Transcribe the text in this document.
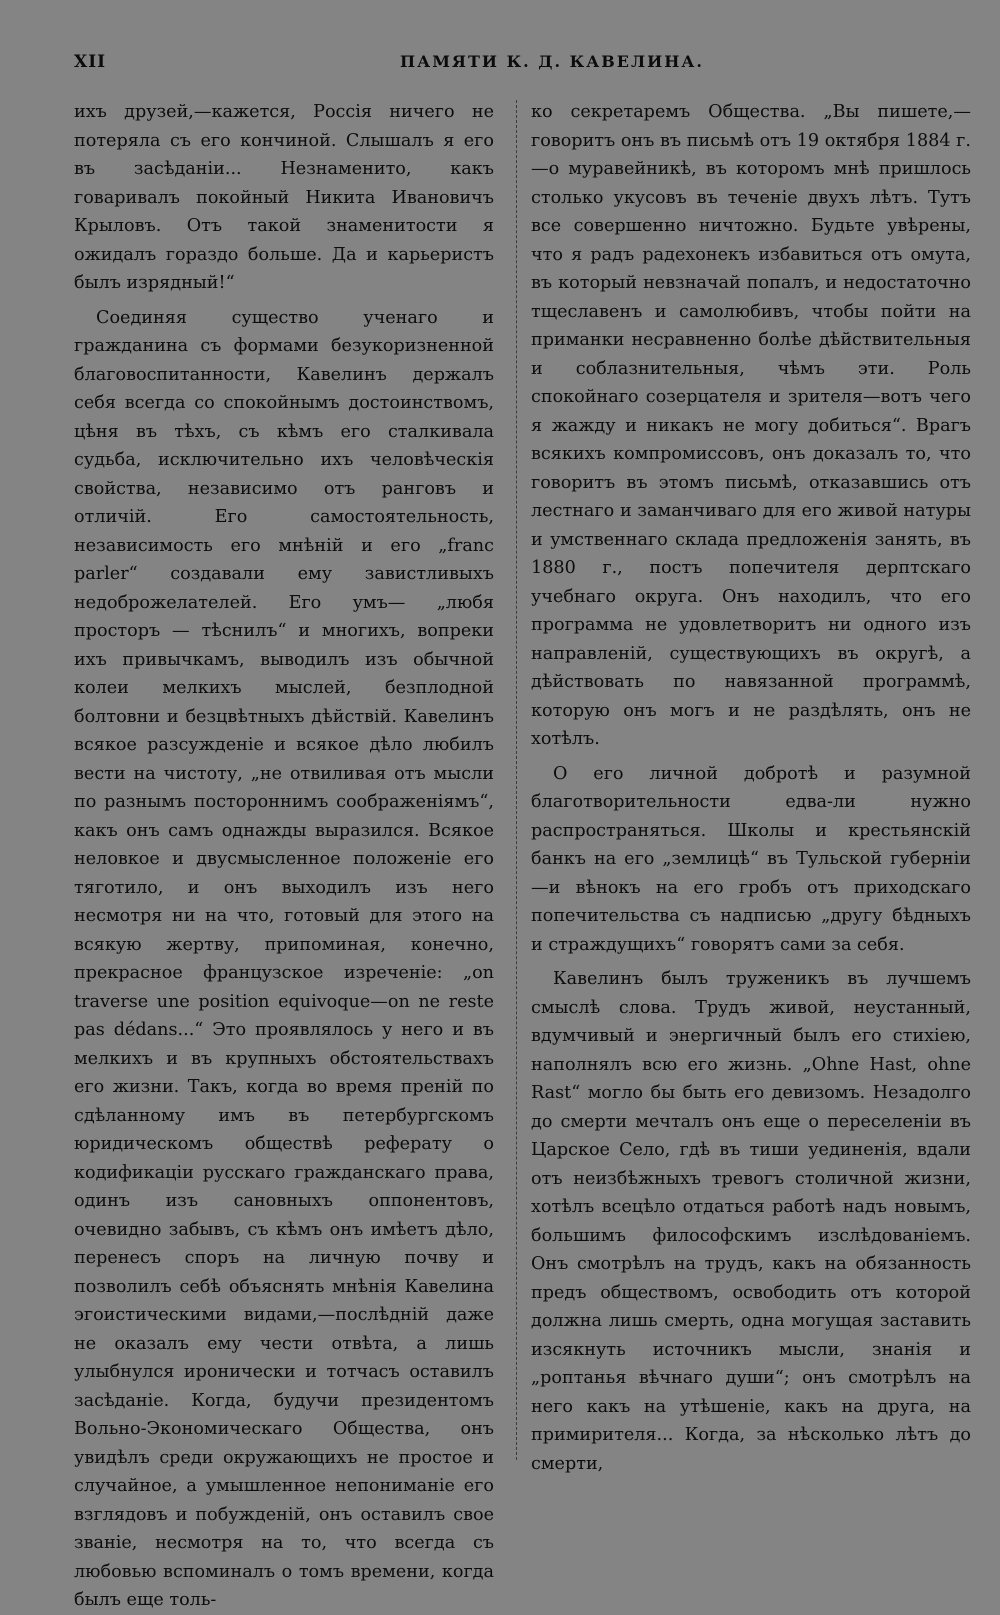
XII	ПАМЯТИ К. Д. КАВЕЛИНА.

ихъ друзей,—кажется, Россія ничего не потеряла съ его кончиной. Слышалъ я его въ засѣданіи... Незнаменито, какъ говаривалъ покойный Никита Ивановичъ Крыловъ. Отъ такой знаменитости я ожидалъ гораздо больше. Да и карьеристъ былъ изрядный!“

Соединяя существо ученаго и гражданина съ формами безукоризненной благовоспитанности, Кавелинъ держалъ себя всегда со спокойнымъ достоинствомъ, цѣня въ тѣхъ, съ кѣмъ его сталкивала судьба, исключительно ихъ человѣческія свойства, независимо отъ ранговъ и отличій. Его самостоятельность, независимость его мнѣній и его „franc parler“ создавали ему завистливыхъ недоброжелателей. Его умъ— „любя просторъ — тѣснилъ“ и многихъ, вопреки ихъ привычкамъ, выводилъ изъ обычной колеи мелкихъ мыслей, безплодной болтовни и безцвѣтныхъ дѣйствій. Кавелинъ всякое разсужденіе и всякое дѣло любилъ вести на чистоту, „не отвиливая отъ мысли по разнымъ постороннимъ соображеніямъ“, какъ онъ самъ однажды выразился. Всякое неловкое и двусмысленное положеніе его тяготило, и онъ выходилъ изъ него несмотря ни на что, готовый для этого на всякую жертву, припоминая, конечно, прекрасное французское изреченіе: „on traverse une position equivoque—on ne reste pas dédans...“ Это проявлялось у него и въ мелкихъ и въ крупныхъ обстоятельствахъ его жизни. Такъ, когда во время преній по сдѣланному имъ въ петербургскомъ юридическомъ обществѣ реферату о кодификаціи русскаго гражданскаго права, одинъ изъ сановныхъ оппонентовъ, очевидно забывъ, съ кѣмъ онъ имѣетъ дѣло, перенесъ споръ на личную почву и позволилъ себѣ объяснять мнѣнія Кавелина эгоистическими видами,—послѣдній даже не оказалъ ему чести отвѣта, а лишь улыбнулся иронически и тотчасъ оставилъ засѣданіе. Когда, будучи президентомъ Вольно-Экономическаго Общества, онъ увидѣлъ среди окружающихъ не простое и случайное, а умышленное непониманіе его взглядовъ и побужденій, онъ оставилъ свое званіе, несмотря на то, что всегда съ любовью вспоминалъ о томъ времени, когда былъ еще толь-

ко секретаремъ Общества. „Вы пишете,—говоритъ онъ въ письмѣ отъ 19 октября 1884 г.—о муравейникѣ, въ которомъ мнѣ пришлось столько укусовъ въ теченіе двухъ лѣтъ. Тутъ все совершенно ничтожно. Будьте увѣрены, что я радъ радехонекъ избавиться отъ омута, въ который невзначай попалъ, и недостаточно тщеславенъ и самолюбивъ, чтобы пойти на приманки несравненно болѣе дѣйствительныя и соблазнительныя, чѣмъ эти. Роль спокойнаго созерцателя и зрителя—вотъ чего я жажду и никакъ не могу добиться“. Врагъ всякихъ компромиссовъ, онъ доказалъ то, что говоритъ въ этомъ письмѣ, отказавшись отъ лестнаго и заманчиваго для его живой натуры и умственнаго склада предложенія занять, въ 1880 г., постъ попечителя дерптскаго учебнаго округа. Онъ находилъ, что его программа не удовлетворитъ ни одного изъ направленій, существующихъ въ округѣ, а дѣйствовать по навязанной программѣ, которую онъ могъ и не раздѣлять, онъ не хотѣлъ.

О его личной добротѣ и разумной благотворительности едва-ли нужно распространяться. Школы и крестьянскій банкъ на его „землицѣ“ въ Тульской губерніи—и вѣнокъ на его гробъ отъ приходскаго попечительства съ надписью „другу бѣдныхъ и страждущихъ“ говорятъ сами за себя.

Кавелинъ былъ труженикъ въ лучшемъ смыслѣ слова. Трудъ живой, неустанный, вдумчивый и энергичный былъ его стихіею, наполнялъ всю его жизнь. „Ohne Hast, ohne Rast“ могло бы быть его девизомъ. Незадолго до смерти мечталъ онъ еще о переселеніи въ Царское Село, гдѣ въ тиши уединенія, вдали отъ неизбѣжныхъ тревогъ столичной жизни, хотѣлъ всецѣло отдаться работѣ надъ новымъ, большимъ философскимъ изслѣдованіемъ. Онъ смотрѣлъ на трудъ, какъ на обязанность предъ обществомъ, освободить отъ которой должна лишь смерть, одна могущая заставить изсякнуть источникъ мысли, знанія и „роптанья вѣчнаго души“; онъ смотрѣлъ на него какъ на утѣшеніе, какъ на друга, на примирителя... Когда, за нѣсколько лѣтъ до смерти,
